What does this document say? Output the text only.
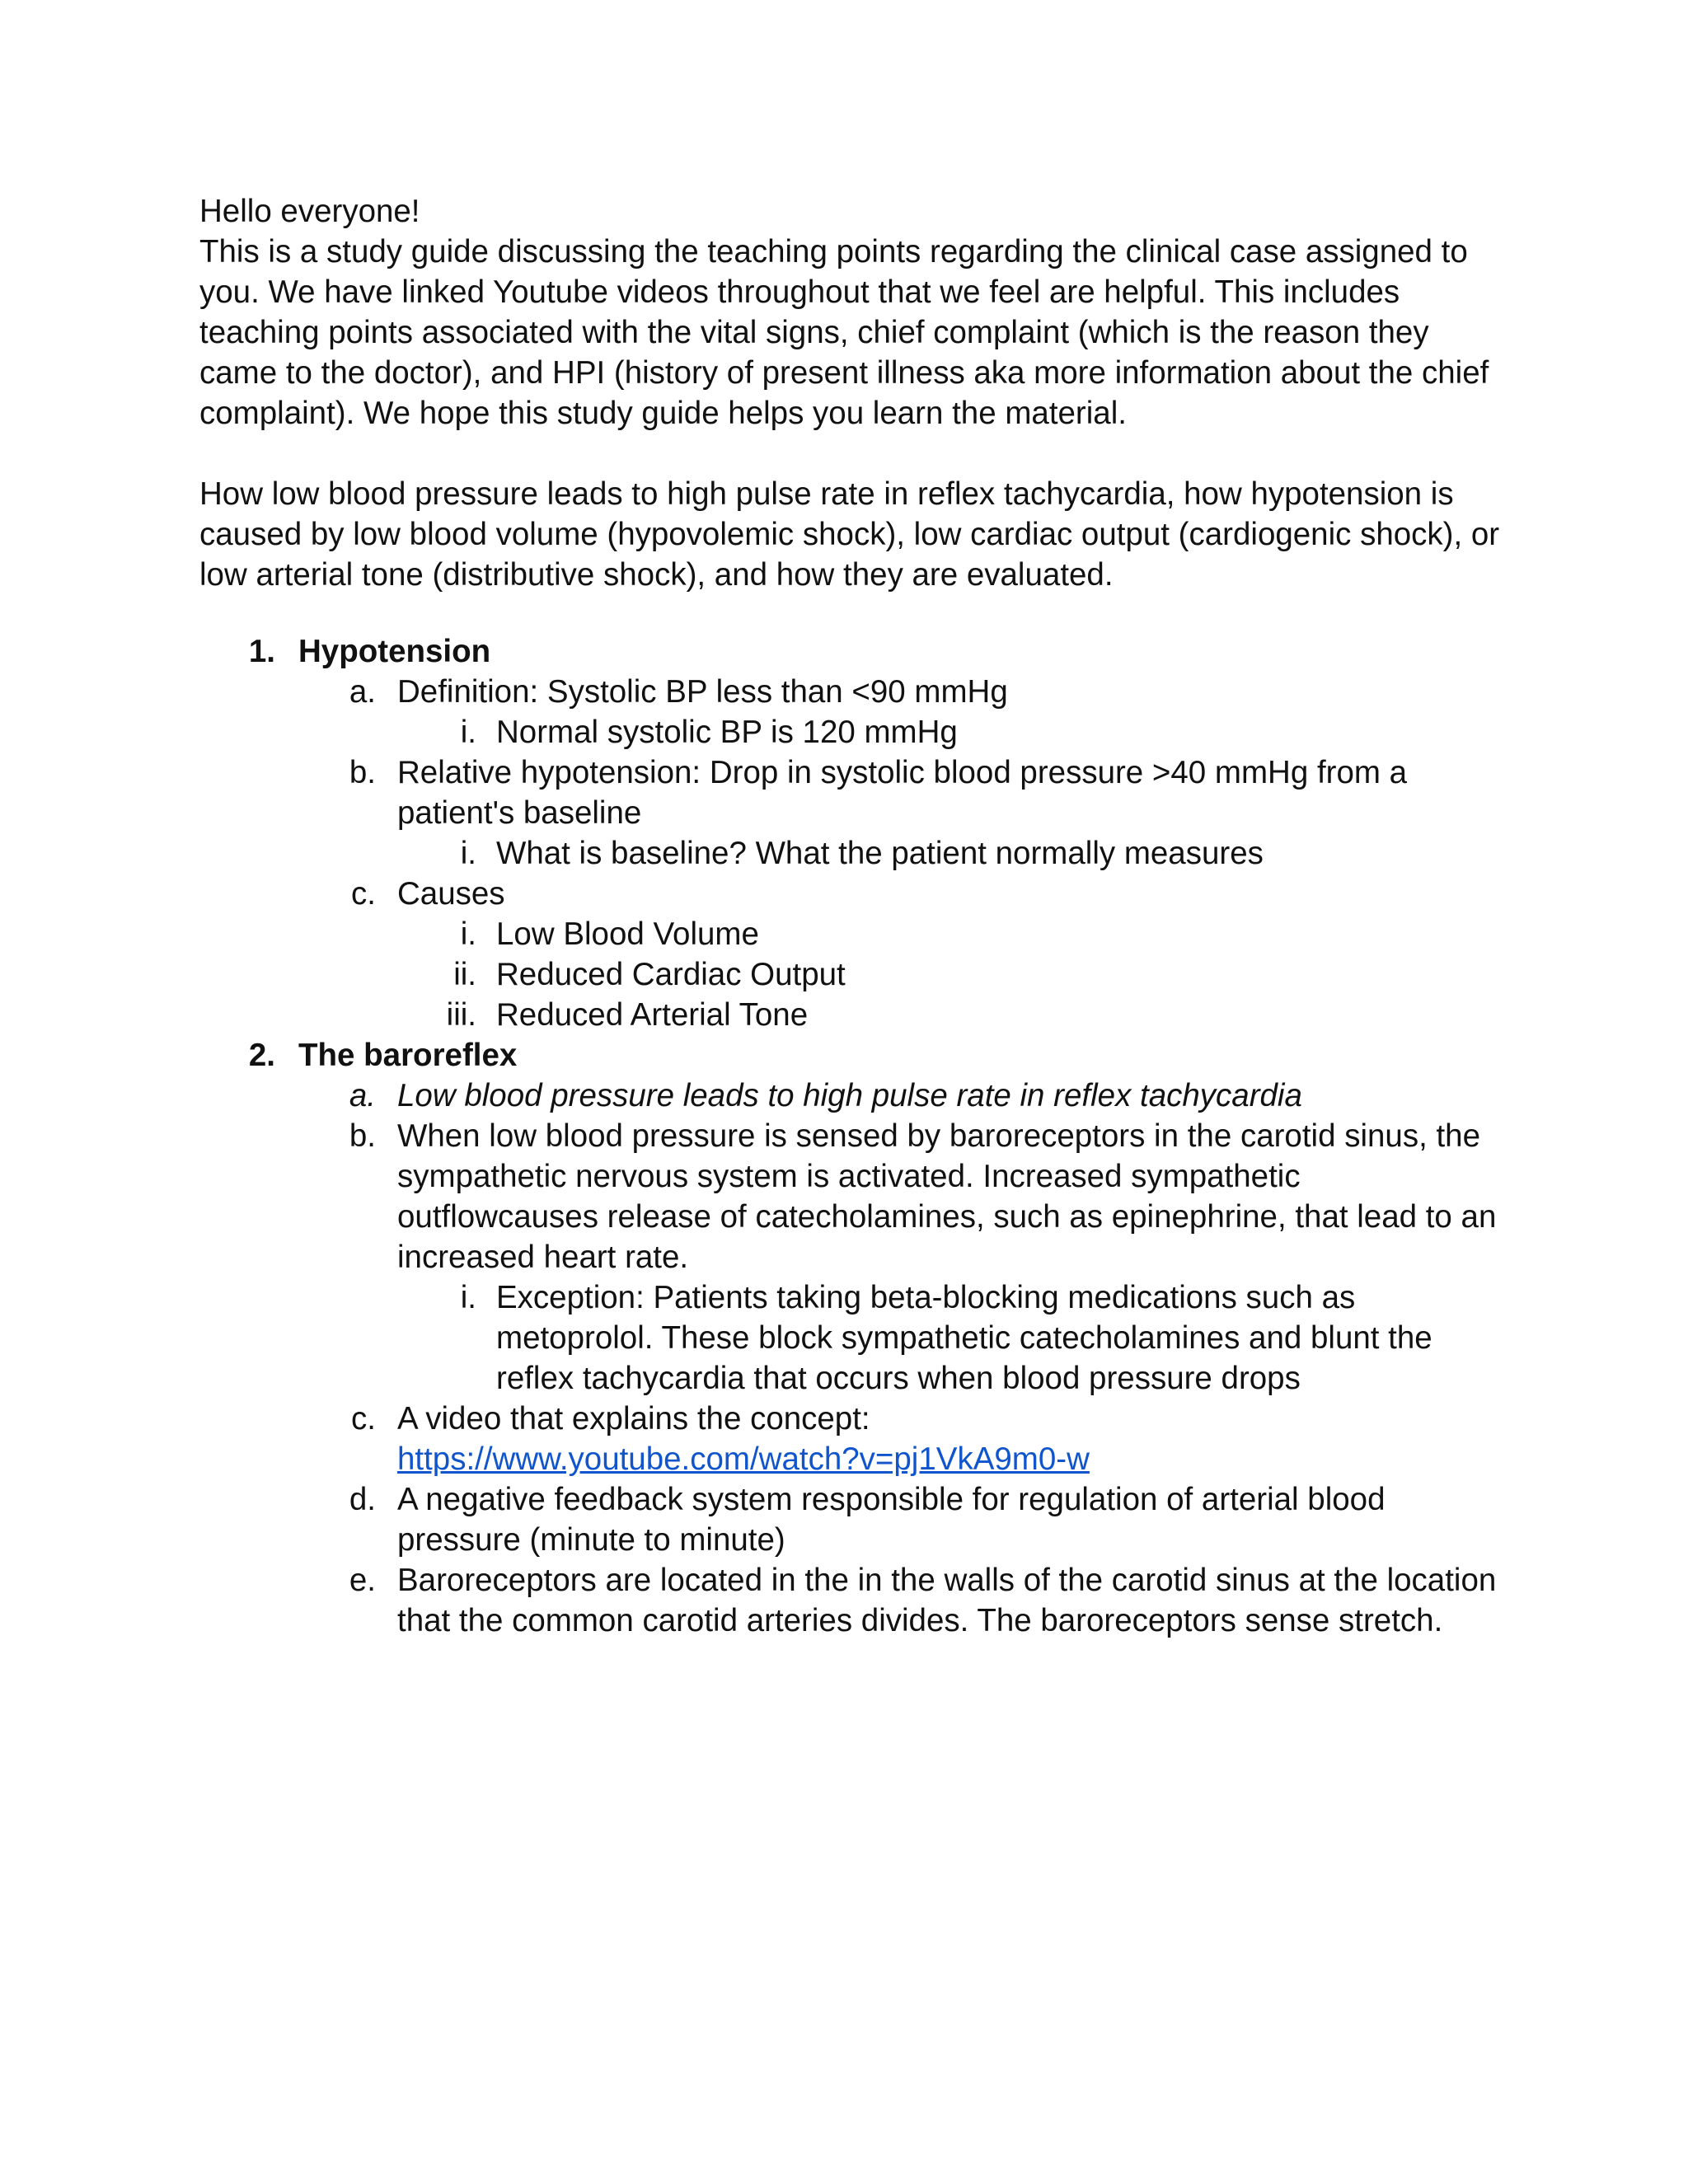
Hello everyone!

This is a study guide discussing the teaching points regarding the clinical case assigned to you. We have linked Youtube videos throughout that we feel are helpful. This includes teaching points associated with the vital signs, chief complaint (which is the reason they came to the doctor), and HPI (history of present illness aka more information about the chief complaint). We hope this study guide helps you learn the material.

How low blood pressure leads to high pulse rate in reflex tachycardia, how hypotension is caused by low blood volume (hypovolemic shock), low cardiac output (cardiogenic shock), or low arterial tone (distributive shock), and how they are evaluated.

1. Hypotension
a. Definition: Systolic BP less than <90 mmHg
i. Normal systolic BP is 120 mmHg
b. Relative hypotension: Drop in systolic blood pressure >40 mmHg from a patient's baseline
i. What is baseline? What the patient normally measures
c. Causes
i. Low Blood Volume
ii. Reduced Cardiac Output
iii. Reduced Arterial Tone
2. The baroreflex
a. Low blood pressure leads to high pulse rate in reflex tachycardia
b. When low blood pressure is sensed by baroreceptors in the carotid sinus, the sympathetic nervous system is activated. Increased sympathetic outflowcauses release of catecholamines, such as epinephrine, that lead to an increased heart rate.
i. Exception: Patients taking beta-blocking medications such as metoprolol. These block sympathetic catecholamines and blunt the reflex tachycardia that occurs when blood pressure drops
c. A video that explains the concept:
https://www.youtube.com/watch?v=pj1VkA9m0-w
d. A negative feedback system responsible for regulation of arterial blood pressure (minute to minute)
e. Baroreceptors are located in the in the walls of the carotid sinus at the location that the common carotid arteries divides. The baroreceptors sense stretch.
